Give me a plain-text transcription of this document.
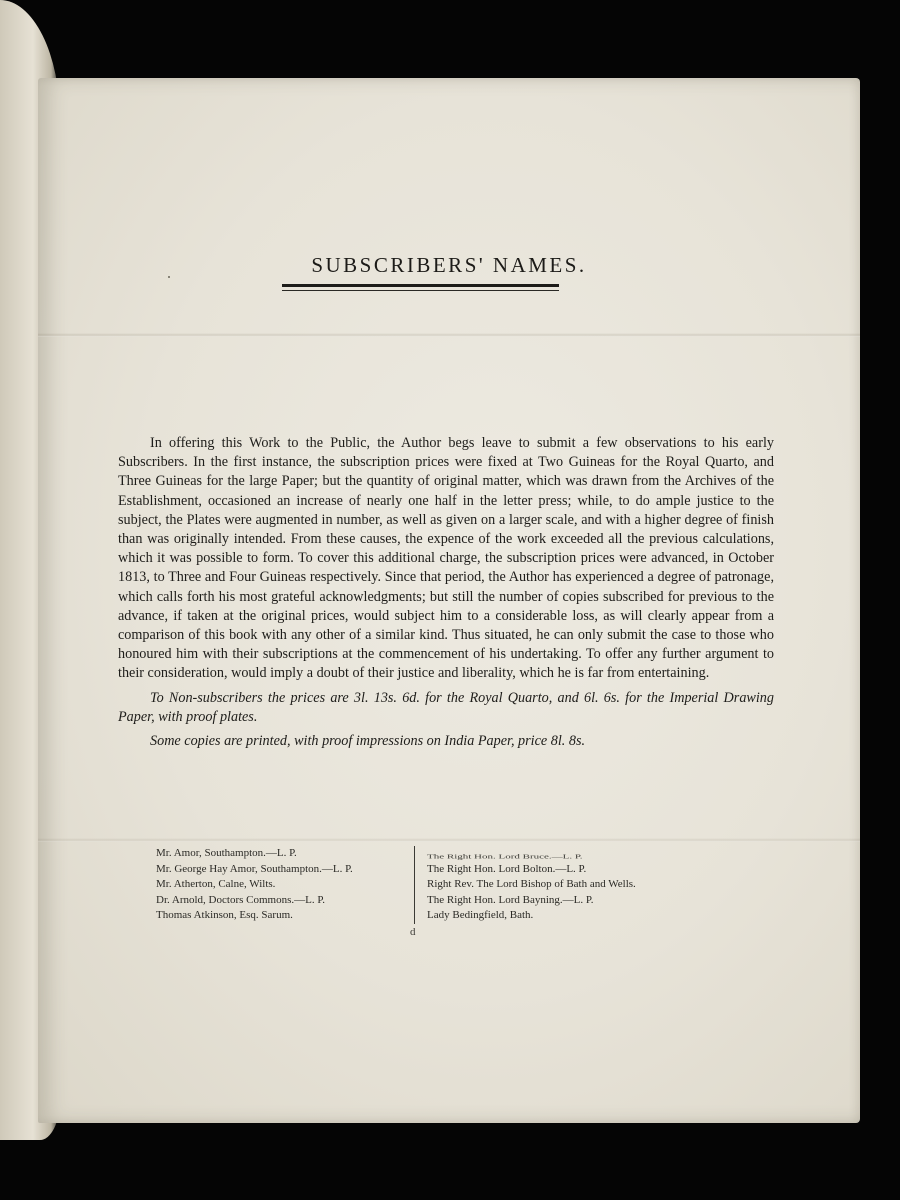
SUBSCRIBERS' NAMES.

In offering this Work to the Public, the Author begs leave to submit a few observations to his early Subscribers. In the first instance, the subscription prices were fixed at Two Guineas for the Royal Quarto, and Three Guineas for the large Paper; but the quantity of original matter, which was drawn from the Archives of the Establishment, occasioned an increase of nearly one half in the letter press; while, to do ample justice to the subject, the Plates were augmented in number, as well as given on a larger scale, and with a higher degree of finish than was originally intended. From these causes, the expence of the work exceeded all the previous calculations, which it was possible to form. To cover this additional charge, the subscription prices were advanced, in October 1813, to Three and Four Guineas respectively. Since that period, the Author has experienced a degree of patronage, which calls forth his most grateful acknowledgments; but still the number of copies subscribed for previous to the advance, if taken at the original prices, would subject him to a considerable loss, as will clearly appear from a comparison of this book with any other of a similar kind. Thus situated, he can only submit the case to those who honoured him with their subscriptions at the commencement of his undertaking. To offer any further argument to their consideration, would imply a doubt of their justice and liberality, which he is far from entertaining.

To Non-subscribers the prices are 3l. 13s. 6d. for the Royal Quarto, and 6l. 6s. for the Imperial Drawing Paper, with proof plates.

Some copies are printed, with proof impressions on India Paper, price 8l. 8s.

Mr. Amor, Southampton.—L. P.
Mr. George Hay Amor, Southampton.—L. P.
Mr. Atherton, Calne, Wilts.
Dr. Arnold, Doctors Commons.—L. P.
Thomas Atkinson, Esq. Sarum.
The Right Hon. Lord Bruce.—L. P.
The Right Hon. Lord Bolton.—L. P.
Right Rev. The Lord Bishop of Bath and Wells.
The Right Hon. Lord Bayning.—L. P.
Lady Bedingfield, Bath.
d
